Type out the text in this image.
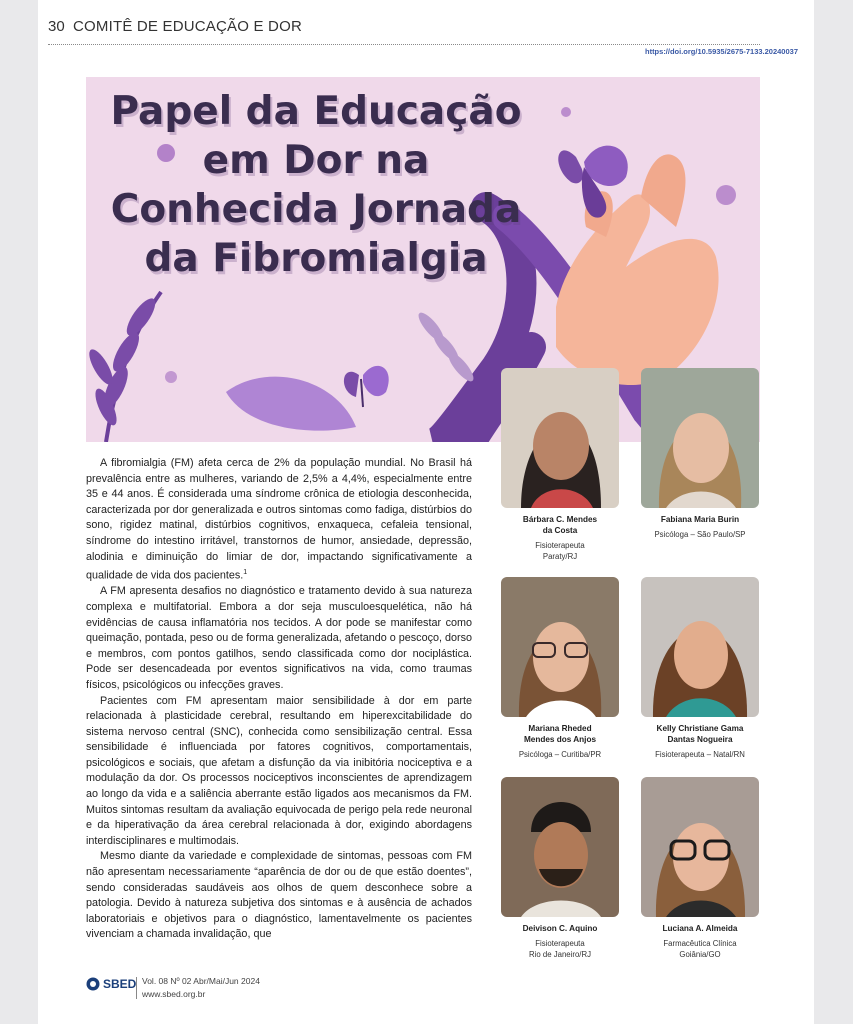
30 COMITÊ DE EDUCAÇÃO E DOR
https://doi.org/10.5935/2675-7133.20240037
Papel da Educação
em Dor na
Conhecida Jornada
da Fibromialgia

A fibromialgia (FM) afeta cerca de 2% da população mundial. No Brasil há prevalência entre as mulheres, variando de 2,5% a 4,4%, especialmente entre 35 e 44 anos. É considerada uma síndrome crônica de etiologia desconhecida, caracterizada por dor generalizada e outros sintomas como fadiga, distúrbios do sono, rigidez matinal, distúrbios cognitivos, enxaqueca, cefaleia tensional, síndrome do intestino irritável, transtornos de humor, ansiedade, depressão, alodinia e diminuição do limiar de dor, impactando significativamente a qualidade de vida dos pacientes.$^1$

A FM apresenta desafios no diagnóstico e tratamento devido à sua natureza complexa e multifatorial. Embora a dor seja musculoesquelética, não há evidências de causa inflamatória nos tecidos. A dor pode se manifestar como queimação, pontada, peso ou de forma generalizada, afetando o pescoço, dorso e membros, com pontos gatilhos, sendo classificada como dor nociplástica. Pode ser desencadeada por eventos significativos na vida, como traumas físicos, psicológicos ou infecções graves.

Pacientes com FM apresentam maior sensibilidade à dor em parte relacionada à plasticidade cerebral, resultando em hiperexcitabilidade do sistema nervoso central (SNC), conhecida como sensibilização central. Essa sensibilidade é influenciada por fatores cognitivos, comportamentais, psicológicos e sociais, que afetam a disfunção da via inibitória nociceptiva e a modulação da dor. Os processos nociceptivos inconscientes de aprendizagem ao longo da vida e a saliência aberrante estão ligados aos mecanismos da FM. Muitos sintomas resultam da avaliação equivocada de perigo pela rede neuronal e da hiperativação da área cerebral relacionada à dor, exigindo abordagens interdisciplinares e multimodais.

Mesmo diante da variedade e complexidade de sintomas, pessoas com FM não apresentam necessariamente “aparência de dor ou de que estão doentes”, sendo consideradas saudáveis aos olhos de quem desconhece sobre a patologia. Devido à natureza subjetiva dos sintomas e à ausência de achados laboratoriais e objetivos para o diagnóstico, lamentavelmente os pacientes vivenciam a chamada invalidação, que

Bárbara C. Mendes
da Costa
Fisioterapeuta
Paraty/RJ
Fabiana Maria Burin
Psicóloga – São Paulo/SP
Mariana Rheded
Mendes dos Anjos
Psicóloga – Curitiba/PR
Kelly Christiane Gama
Dantas Nogueira
Fisioterapeuta – Natal/RN
Deivison C. Aquino
Fisioterapeuta
Rio de Janeiro/RJ
Luciana A. Almeida
Farmacêutica Clínica
Goiânia/GO
SBED Vol. 08 Nº 02 Abr/Mai/Jun 2024
www.sbed.org.br
